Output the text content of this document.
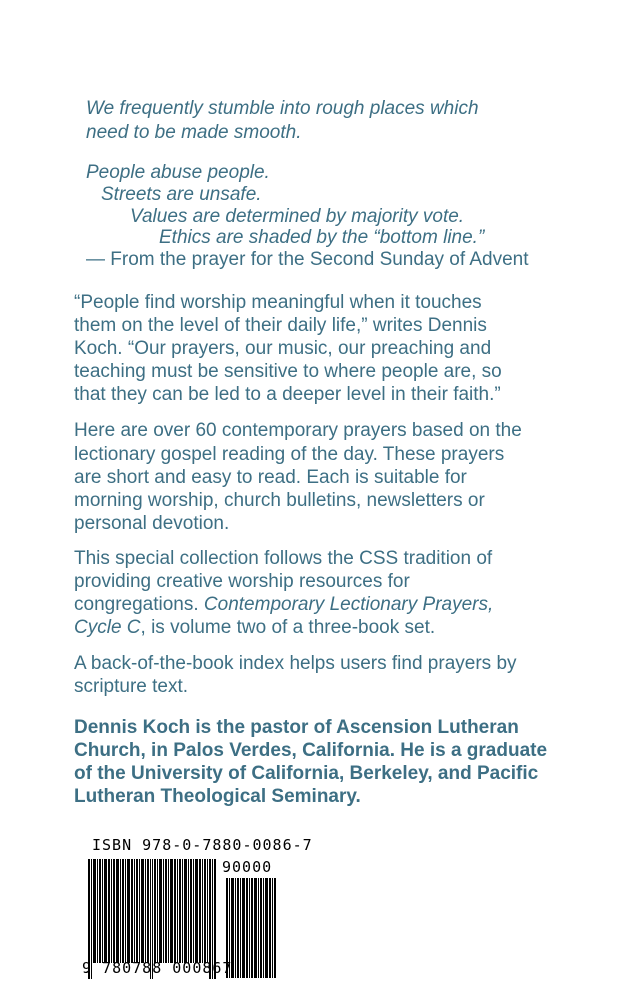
We frequently stumble into rough places which
need to be made smooth.
People abuse people.
Streets are unsafe.
Values are determined by majority vote.
Ethics are shaded by the “bottom line.”
— From the prayer for the Second Sunday of Advent
“People find worship meaningful when it touches
them on the level of their daily life,” writes Dennis
Koch. “Our prayers, our music, our preaching and
teaching must be sensitive to where people are, so
that they can be led to a deeper level in their faith.”
Here are over 60 contemporary prayers based on the
lectionary gospel reading of the day. These prayers
are short and easy to read. Each is suitable for
morning worship, church bulletins, newsletters or
personal devotion.
This special collection follows the CSS tradition of
providing creative worship resources for
congregations. Contemporary Lectionary Prayers,
Cycle C, is volume two of a three-book set.
A back-of-the-book index helps users find prayers by
scripture text.
Dennis Koch is the pastor of Ascension Lutheran
Church, in Palos Verdes, California. He is a graduate
of the University of California, Berkeley, and Pacific
Lutheran Theological Seminary.
ISBN 978-0-7880-0086-7
90000
9 780788 000867
